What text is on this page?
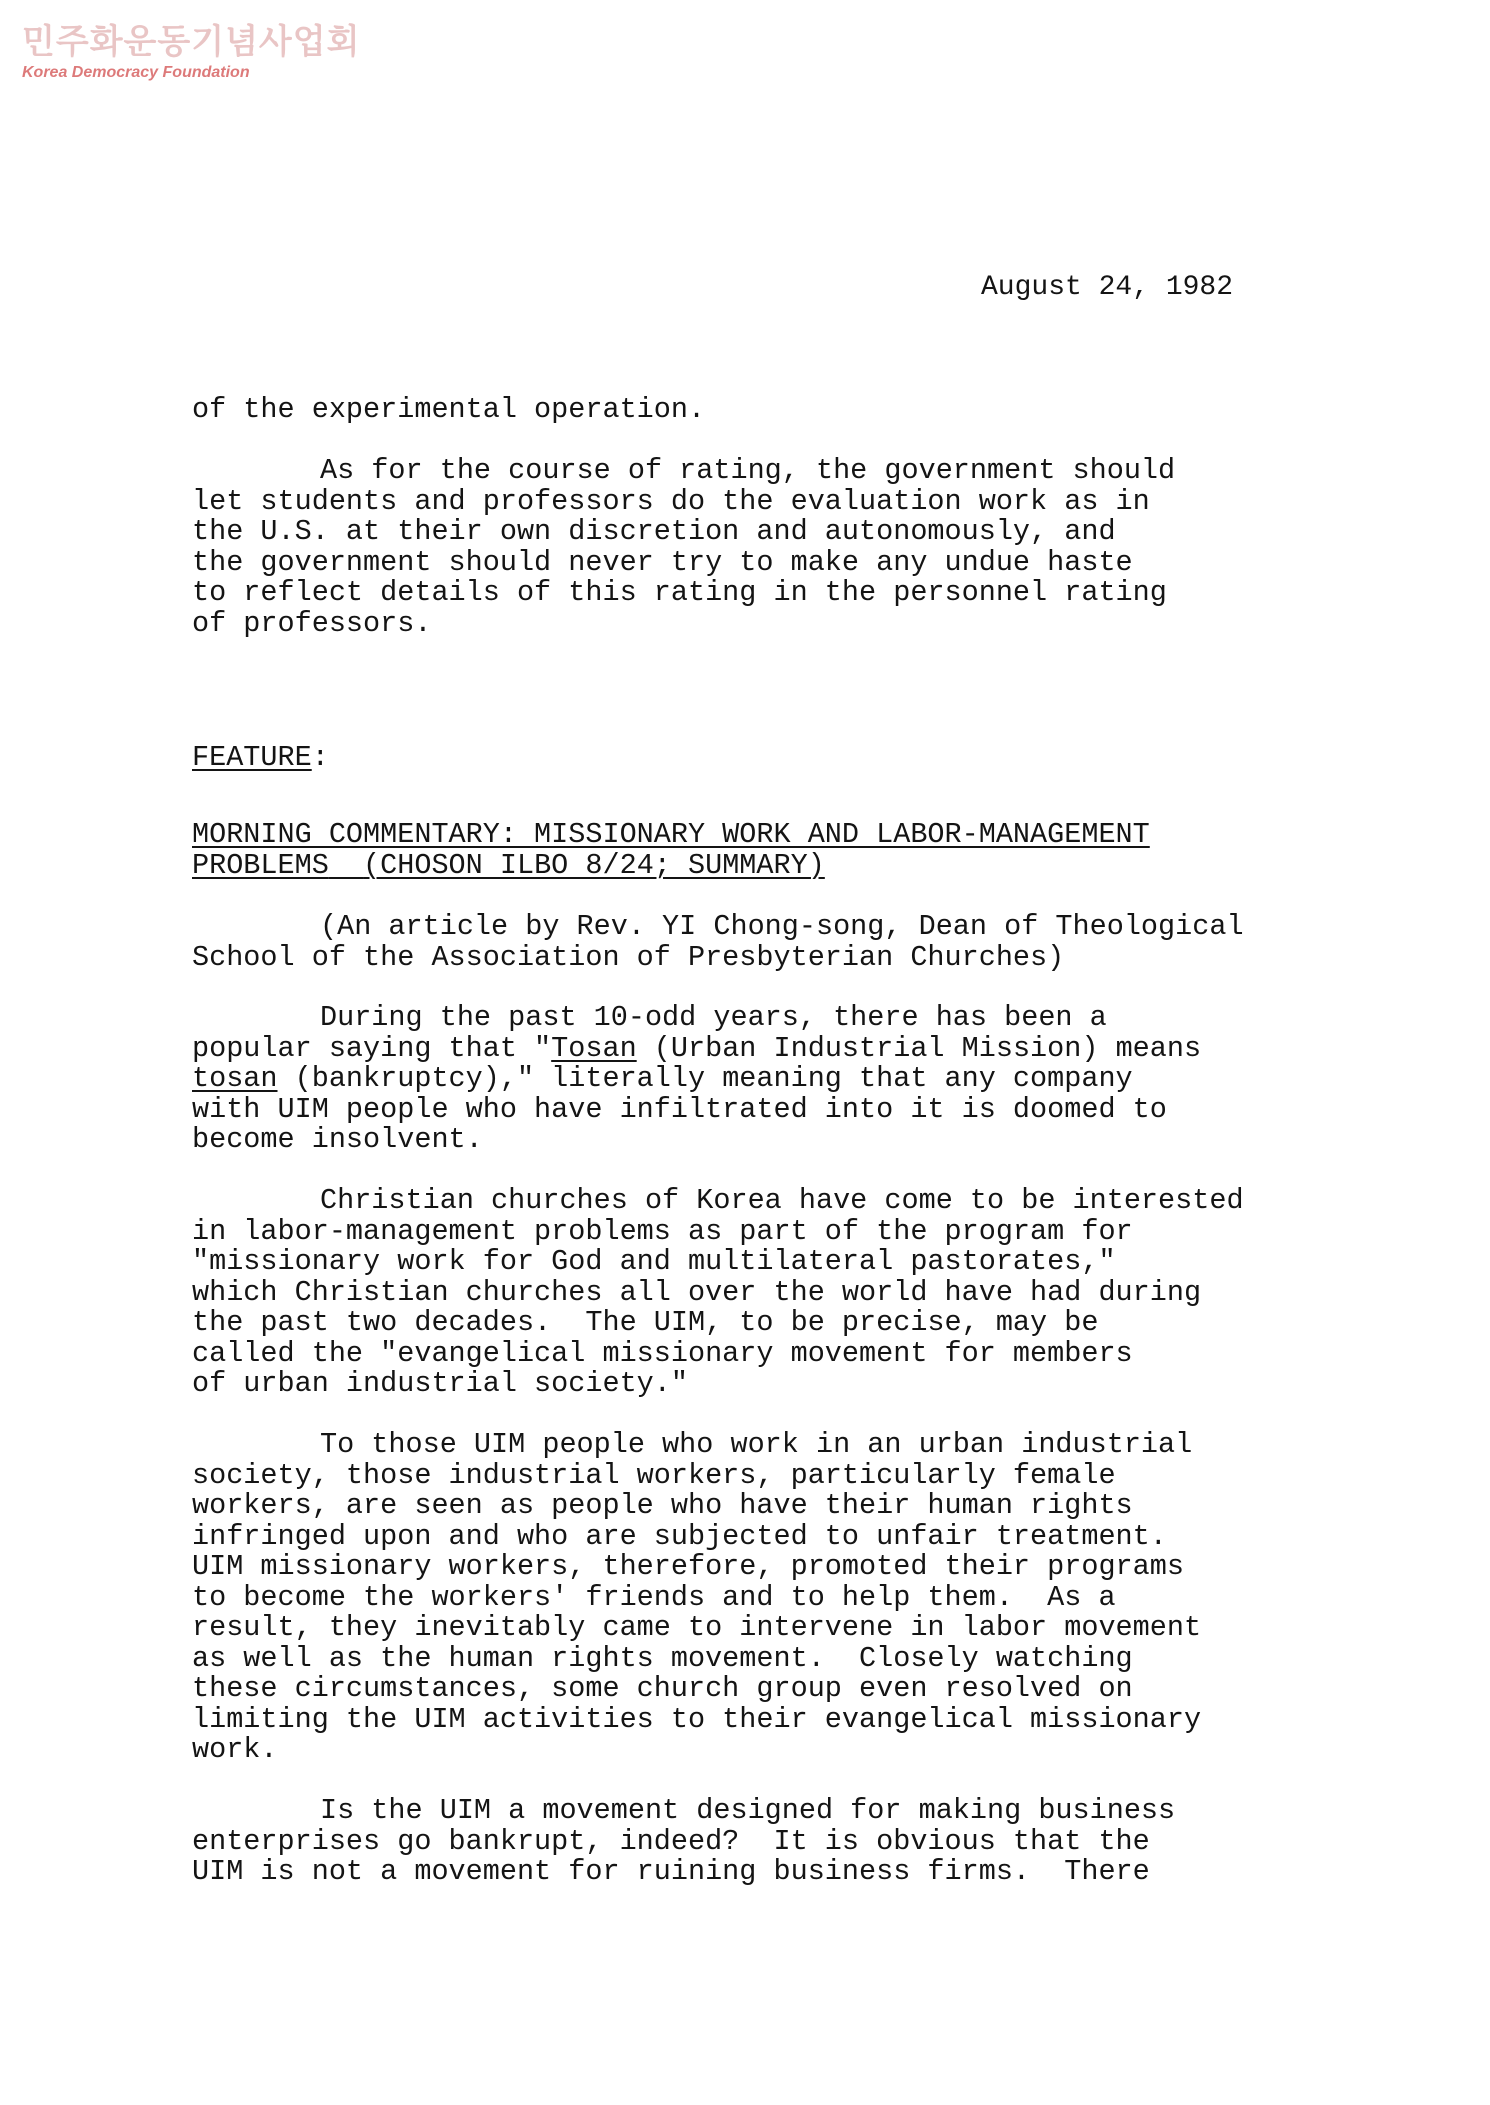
민주화운동기념사업회
Korea Democracy Foundation
August 24, 1982
of the experimental operation.
As for the course of rating, the government should
let students and professors do the evaluation work as in
the U.S. at their own discretion and autonomously, and
the government should never try to make any undue haste
to reflect details of this rating in the personnel rating
of professors.
FEATURE:
MORNING COMMENTARY: MISSIONARY WORK AND LABOR-MANAGEMENT
PROBLEMS (CHOSON ILBO 8/24; SUMMARY)
(An article by Rev. YI Chong-song, Dean of Theological
School of the Association of Presbyterian Churches)
During the past 10-odd years, there has been a
popular saying that "Tosan (Urban Industrial Mission) means
tosan (bankruptcy)," literally meaning that any company
with UIM people who have infiltrated into it is doomed to
become insolvent.
Christian churches of Korea have come to be interested
in labor-management problems as part of the program for
"missionary work for God and multilateral pastorates,"
which Christian churches all over the world have had during
the past two decades.  The UIM, to be precise, may be
called the "evangelical missionary movement for members
of urban industrial society."
To those UIM people who work in an urban industrial
society, those industrial workers, particularly female
workers, are seen as people who have their human rights
infringed upon and who are subjected to unfair treatment.
UIM missionary workers, therefore, promoted their programs
to become the workers' friends and to help them.  As a
result, they inevitably came to intervene in labor movement
as well as the human rights movement.  Closely watching
these circumstances, some church group even resolved on
limiting the UIM activities to their evangelical missionary
work.
Is the UIM a movement designed for making business
enterprises go bankrupt, indeed?  It is obvious that the
UIM is not a movement for ruining business firms.  There
